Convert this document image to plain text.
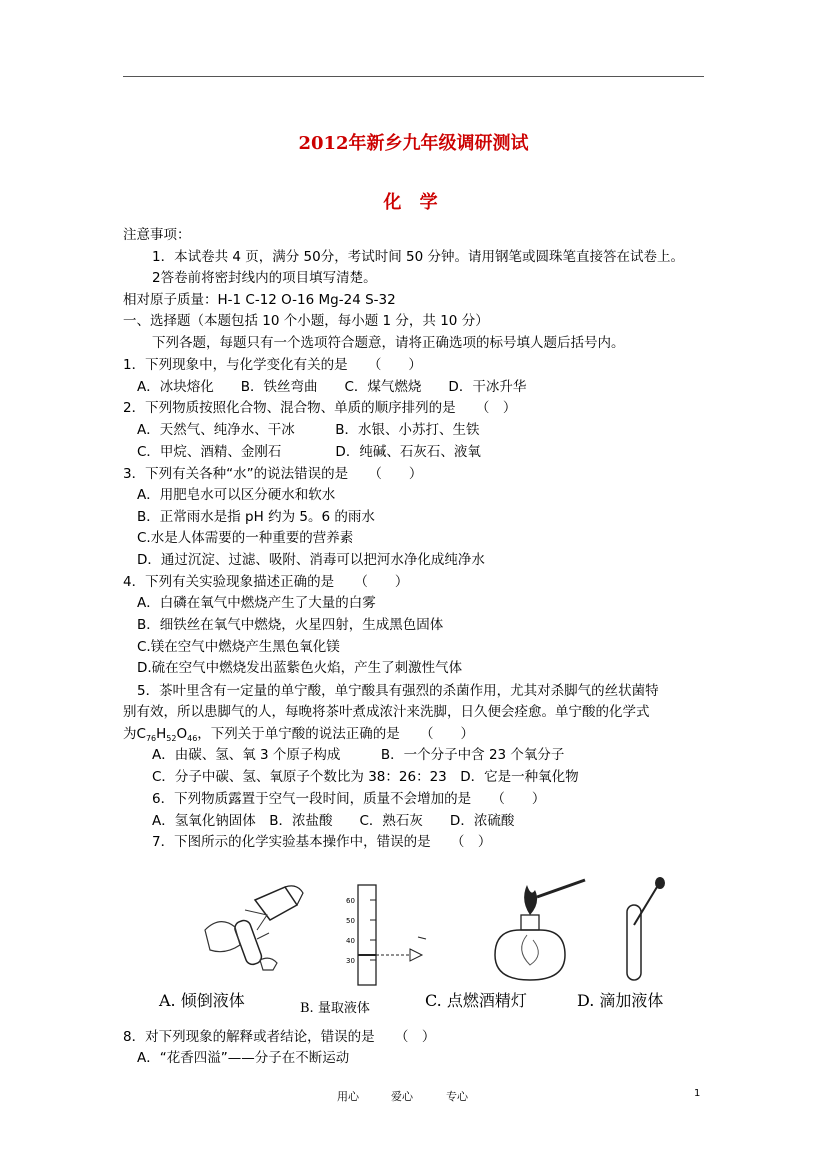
2012年新乡九年级调研测试
化 学
注意事项：
1．本试卷共 4 页，满分 50分，考试时间 50 分钟。请用钢笔或圆珠笔直接答在试卷上。
2答卷前将密封线内的项目填写清楚。
相对原子质量：H-1 C-12 O-16 Mg-24 S-32
一、选择题（本题包括 10 个小题，每小题 1 分，共 10 分）
下列各题，每题只有一个选项符合题意，请将正确选项的标号填人题后括号内。
1．下列现象中，与化学变化有关的是　　（　　）
A．冰块熔化　　B．铁丝弯曲　　C．煤气燃烧　　D．干冰升华
2．下列物质按照化合物、混合物、单质的顺序排列的是　　（　）
A．天然气、纯净水、干冰　　　B．水银、小苏打、生铁
C．甲烷、酒精、金刚石　　　　D．纯碱、石灰石、液氧
3．下列有关各种“水”的说法错误的是　　（　　）
A．用肥皂水可以区分硬水和软水
B．正常雨水是指 pH 约为 5。6 的雨水
C.水是人体需要的一种重要的营养素
D．通过沉淀、过滤、吸附、消毒可以把河水净化成纯净水
4．下列有关实验现象描述正确的是　　（　　）
A．白磷在氧气中燃烧产生了大量的白雾
B．细铁丝在氧气中燃烧，火星四射，生成黑色固体
C.镁在空气中燃烧产生黑色氧化镁
D.硫在空气中燃烧发出蓝紫色火焰，产生了刺激性气体
5．茶叶里含有一定量的单宁酸，单宁酸具有强烈的杀菌作用，尤其对杀脚气的丝状菌特
别有效，所以患脚气的人，每晚将茶叶煮成浓汁来洗脚，日久便会痊愈。单宁酸的化学式
为$C_{76}H_{52}O_{46}$，下列关于单宁酸的说法正确的是　　（　　）
A．由碳、氢、氧 3 个原子构成　　　B．一个分子中含 23 个氧分子
C．分子中碳、氢、氧原子个数比为 38：26：23　D．它是一种氧化物
6．下列物质露置于空气一段时间，质量不会增加的是　　（　　）
A．氢氧化钠固体　B．浓盐酸　　C．熟石灰　　D．浓硫酸
7．下图所示的化学实验基本操作中，错误的是　　（　）
60
50
40
30
A. 倾倒液体	B. 量取液体	C. 点燃酒精灯	D. 滴加液体
8．对下列现象的解释或者结论，错误的是　　（　）
A．“花香四溢”——分子在不断运动
用心	爱心	专心	1
